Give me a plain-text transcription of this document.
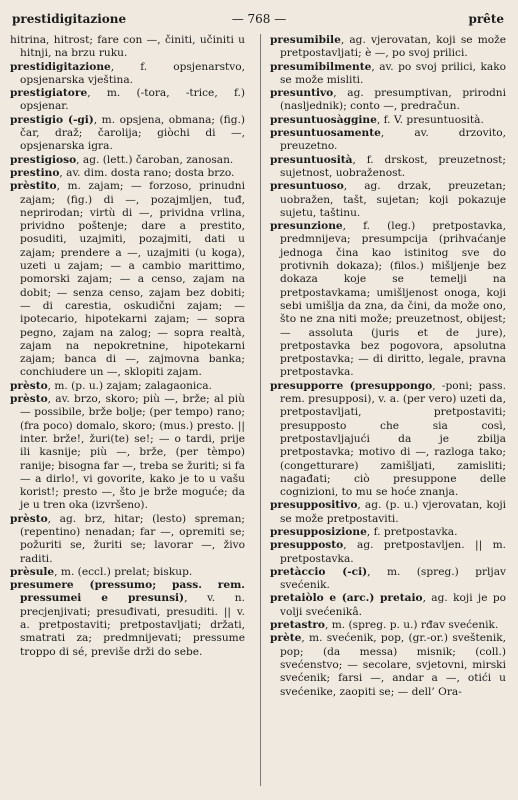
prestidigitazione	— 768 —	prête

hitrina, hitrost; fare con —, činiti, učiniti u hitnji, na brzu ruku.

prestidigitazione, f. opsjenarstvo, opsjenarska vještina.

prestigiatore, m. (-tora, -trice, f.) opsjenar.

prestigio (-gi), m. opsjena, obmana; (fig.) čar, draž; čarolija; giòchi di —, opsjenarska igra.

prestigioso, ag. (lett.) čaroban, zanosan.

prestino, av. dim. dosta rano; dosta brzo.

prèstito, m. zajam; — forzoso, prinudni zajam; (fig.) di —, pozajmljen, tuđ, neprirodan; virtù di —, prividna vrlina, prividno poštenje; dare a prestito, posuditi, uzajmiti, pozajmiti, dati u zajam; prendere a —, uzajmiti (u koga), uzeti u zajam; — a cambio marittimo, pomorski zajam; — a censo, zajam na dobit; — senza censo, zajam bez dobiti; — di carestia, oskudični zajam; — ipotecario, hipotekarni zajam; — sopra pegno, zajam na zalog; — sopra realtà, zajam na nepokretnine, hipotekarni zajam; banca di —, zajmovna banka; conchiudere un —, sklopiti zajam.

prèsto, m. (p. u.) zajam; zalagaonica.

prèsto, av. brzo, skoro; più —, brže; al più — possibile, brže bolje; (per tempo) rano; (fra poco) domalo, skoro; (mus.) presto. || inter. brže!, žuri(te) se!; — o tardi, prije ili kasnije; più —, brže, (per tèmpo) ranije; bisogna far —, treba se žuriti; si fa — a dirlo!, vi govorite, kako je to u vašu korist!; presto —, što je brže moguće; da je u tren oka (izvršeno).

prèsto, ag. brz, hitar; (lesto) spreman; (repentino) nenadan; far —, opremiti se; požuriti se, žuriti se; lavorar —, živo raditi.

prèsule, m. (eccl.) prelat; biskup.

presumere (pressumo; pass. rem. pressumei e presunsi), v. n. precjenjivati; presuđivati, presuditi. || v. a. pretpostaviti; pretpostavljati; držati, smatrati za; predmnijevati; pressume troppo di sé, previše drži do sebe.

presumibile, ag. vjerovatan, koji se može pretpostavljati; è —, po svoj prilici.

presumibilmente, av. po svoj prilici, kako se može misliti.

presuntivo, ag. presumptivan, prirodni (nasljednik); conto —, predračun.

presuntuosàggine, f. V. presuntuosità.

presuntuosamente, av. drzovito, preuzetno.

presuntuosità, f. drskost, preuzetnost; sujetnost, uobraženost.

presuntuoso, ag. drzak, preuzetan; uobražen, tašt, sujetan; koji pokazuje sujetu, taštinu.

presunzione, f. (leg.) pretpostavka, predmnijeva; presumpcija (prihvaćanje jednoga čina kao istinitog sve do protivnih dokaza); (filos.) mišljenje bez dokaza koje se temelji na pretpostavkama; umišljenost onoga, koji sebi umišlja da zna, da čini, da može ono, što ne zna niti može; preuzetnost, obijest; — assoluta (juris et de jure), pretpostavka bez pogovora, apsolutna pretpostavka; — di diritto, legale, pravna pretpostavka.

presupporre (presuppongo, -poni; pass. rem. presupposi), v. a. (per vero) uzeti da, pretpostavljati, pretpostaviti; presupposto che sia così, pretpostavljajući da je zbilja pretpostavka; motivo di —, razloga tako; (congetturare) zamišljati, zamisliti; nagađati; ciò presuppone delle cognizioni, to mu se hoće znanja.

presuppositivo, ag. (p. u.) vjerovatan, koji se može pretpostaviti.

presupposizione, f. pretpostavka.

presupposto, ag. pretpostavljen. || m. pretpostavka.

pretàccio (-ci), m. (spreg.) prljav svećenik.

pretaiòlo e (arc.) pretaio, ag. koji je po volji svećenikâ.

pretastro, m. (spreg. p. u.) rđav svećenik.

prète, m. svećenik, pop, (gr.-or.) sveštenik, pop; (da messa) misnik; (coll.) svećenstvo; — secolare, svjetovni, mirski svećenik; farsi —, andar a —, otići u svećenike, zaopiti se; — dell’ Ora-
